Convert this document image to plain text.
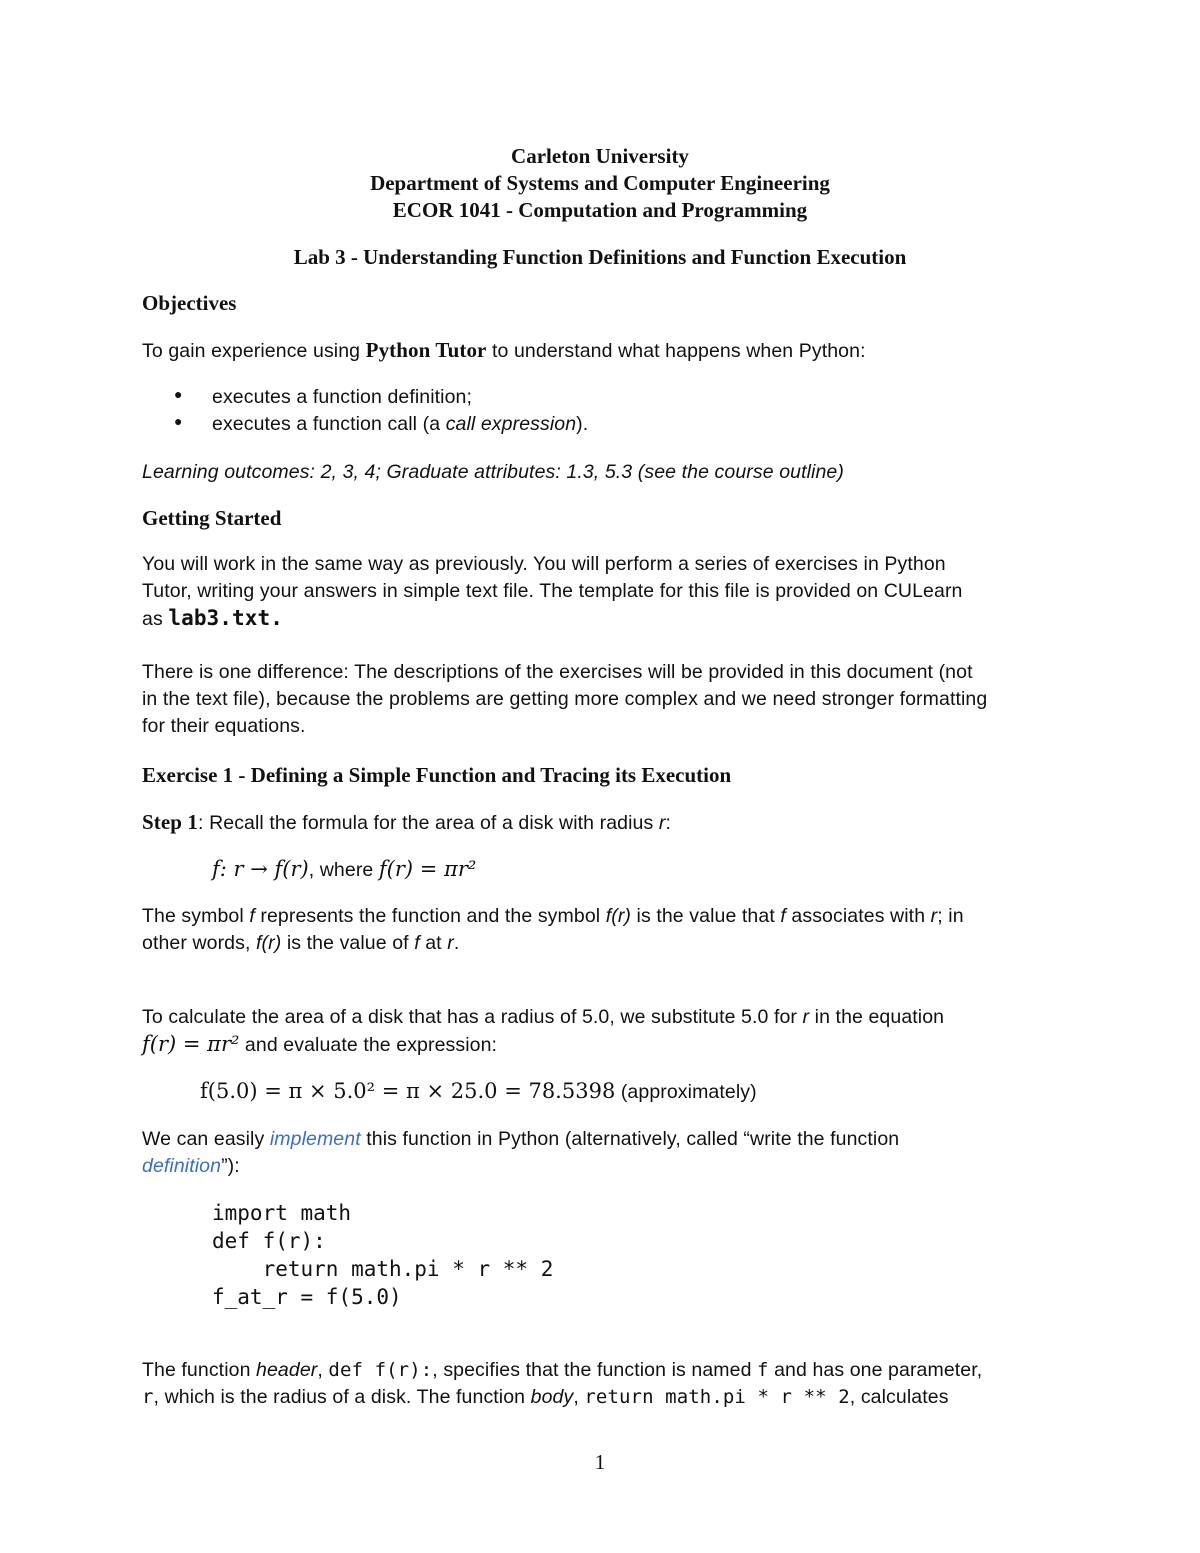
Carleton University
Department of Systems and Computer Engineering
ECOR 1041 - Computation and Programming
Lab 3 - Understanding Function Definitions and Function Execution
Objectives
To gain experience using Python Tutor to understand what happens when Python:
● executes a function definition;
● executes a function call (a call expression).
Learning outcomes: 2, 3, 4; Graduate attributes: 1.3, 5.3 (see the course outline)
Getting Started
You will work in the same way as previously. You will perform a series of exercises in Python
Tutor, writing your answers in simple text file. The template for this file is provided on CULearn
as lab3.txt.
There is one difference: The descriptions of the exercises will be provided in this document (not
in the text file), because the problems are getting more complex and we need stronger formatting
for their equations.
Exercise 1 - Defining a Simple Function and Tracing its Execution
Step 1: Recall the formula for the area of a disk with radius r:
f: r → f(r), where f(r) = πr²
The symbol f represents the function and the symbol f(r) is the value that f associates with r; in
other words, f(r) is the value of f at r.
To calculate the area of a disk that has a radius of 5.0, we substitute 5.0 for r in the equation
f(r) = πr² and evaluate the expression:
f(5.0) = π × 5.0² = π × 25.0 = 78.5398 (approximately)
We can easily implement this function in Python (alternatively, called “write the function
definition”):
import math
def f(r):
return math.pi * r ** 2
f_at_r = f(5.0)
The function header, def f(r):, specifies that the function is named f and has one parameter,
r, which is the radius of a disk. The function body, return math.pi * r ** 2, calculates
1
